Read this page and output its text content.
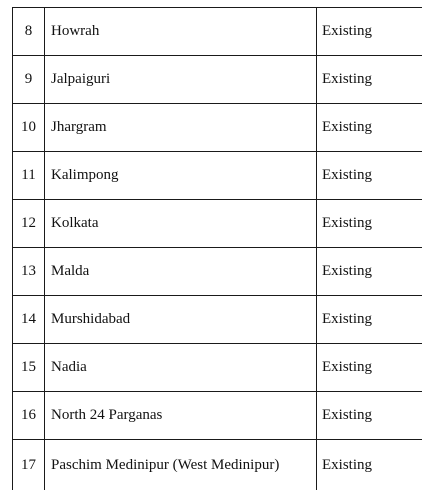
8	Howrah	Existing
9	Jalpaiguri	Existing
10	Jhargram	Existing
11	Kalimpong	Existing
12	Kolkata	Existing
13	Malda	Existing
14	Murshidabad	Existing
15	Nadia	Existing
16	North 24 Parganas	Existing
17	Paschim Medinipur (West Medinipur)	Existing
